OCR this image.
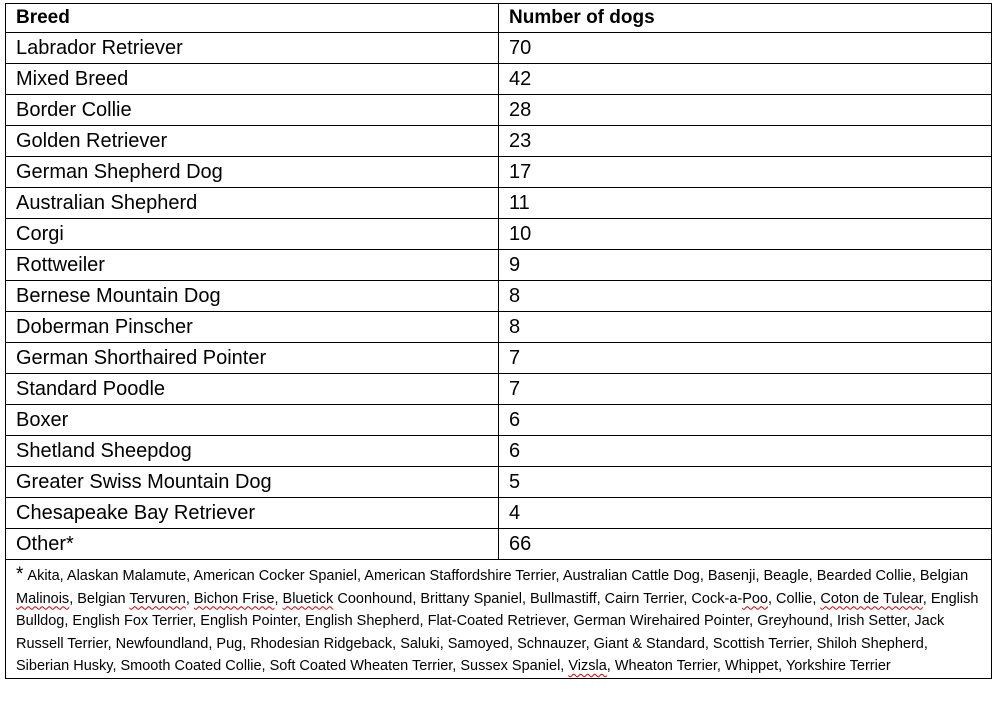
Breed	Number of dogs
Labrador Retriever	70
Mixed Breed	42
Border Collie	28
Golden Retriever	23
German Shepherd Dog	17
Australian Shepherd	11
Corgi	10
Rottweiler	9
Bernese Mountain Dog	8
Doberman Pinscher	8
German Shorthaired Pointer	7
Standard Poodle	7
Boxer	6
Shetland Sheepdog	6
Greater Swiss Mountain Dog	5
Chesapeake Bay Retriever	4
Other*	66
* Akita, Alaskan Malamute, American Cocker Spaniel, American Staffordshire Terrier, Australian Cattle Dog, Basenji, Beagle, Bearded Collie, Belgian Malinois, Belgian Tervuren, Bichon Frise, Bluetick Coonhound, Brittany Spaniel, Bullmastiff, Cairn Terrier, Cock-a-Poo, Collie, Coton de Tulear, English Bulldog, English Fox Terrier, English Pointer, English Shepherd, Flat-Coated Retriever, German Wirehaired Pointer, Greyhound, Irish Setter, Jack Russell Terrier, Newfoundland, Pug, Rhodesian Ridgeback, Saluki, Samoyed, Schnauzer, Giant & Standard, Scottish Terrier, Shiloh Shepherd, Siberian Husky, Smooth Coated Collie, Soft Coated Wheaten Terrier, Sussex Spaniel, Vizsla, Wheaton Terrier, Whippet, Yorkshire Terrier	
